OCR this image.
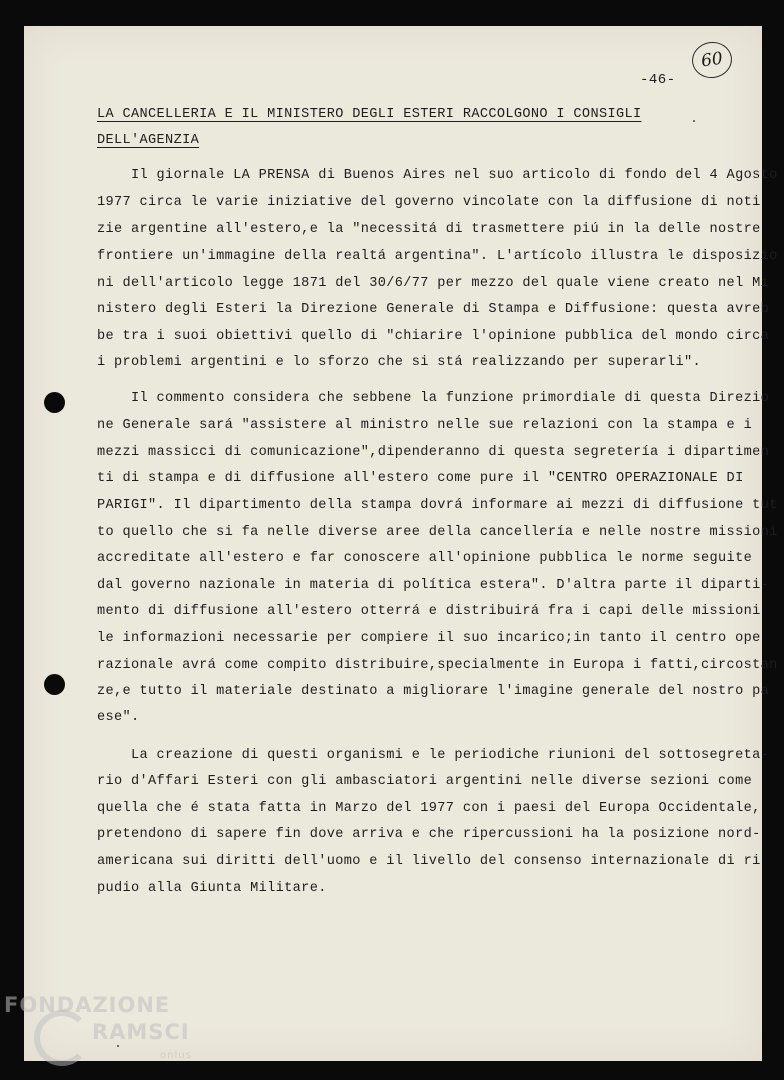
-46-
60
LA CANCELLERIA E IL MINISTERO DEGLI ESTERI RACCOLGONO I CONSIGLI
DELL'AGENZIA
Il giornale LA PRENSA di Buenos Aires nel suo articolo di fondo del 4 Agosto
1977 circa le varie iniziative del governo vincolate con la diffusione di noti
zie argentine all'estero,e la "necessitá di trasmettere piú in la delle nostre
frontiere un'immagine della realtá argentina". L'artícolo illustra le disposizio
ni dell'articolo legge 1871 del 30/6/77 per mezzo del quale viene creato nel Mi
nistero degli Esteri la Direzione Generale di Stampa e Diffusione: questa avreb
be tra i suoi obiettivi quello di "chiarire l'opinione pubblica del mondo circa
i problemi argentini e lo sforzo che si stá realizzando per superarli".
Il commento considera che sebbene la funzione primordiale di questa Direzio
ne Generale sará "assistere al ministro nelle sue relazioni con la stampa e i
mezzi massicci di comunicazione",dipenderanno di questa segretería i dipartimen
ti di stampa e di diffusione all'estero come pure il "CENTRO OPERAZIONALE DI
PARIGI". Il dipartimento della stampa dovrá informare ai mezzi di diffusione tut
to quello che si fa nelle diverse aree della cancellería e nelle nostre missioni
accreditate all'estero e far conoscere all'opinione pubblica le norme seguite
dal governo nazionale in materia di política estera". D'altra parte il diparti-
mento di diffusione all'estero otterrá e distribuirá fra i capi delle missioni
le informazioni necessarie per compiere il suo incarico;in tanto il centro ope
razionale avrá come compito distribuire,specialmente in Europa i fatti,circostan
ze,e tutto il materiale destinato a migliorare l'imagine generale del nostro pa
ese".
La creazione di questi organismi e le periodiche riunioni del sottosegreta-
rio d'Affari Esteri con gli ambasciatori argentini nelle diverse sezioni come
quella che é stata fatta in Marzo del 1977 con i paesi del Europa Occidentale,
pretendono di sapere fin dove arriva e che ripercussioni ha la posizione nord-
americana sui diritti dell'uomo e il livello del consenso internazionale di ri
pudio alla Giunta Militare.
FONDAZIONE
RAMSCI
onlus
